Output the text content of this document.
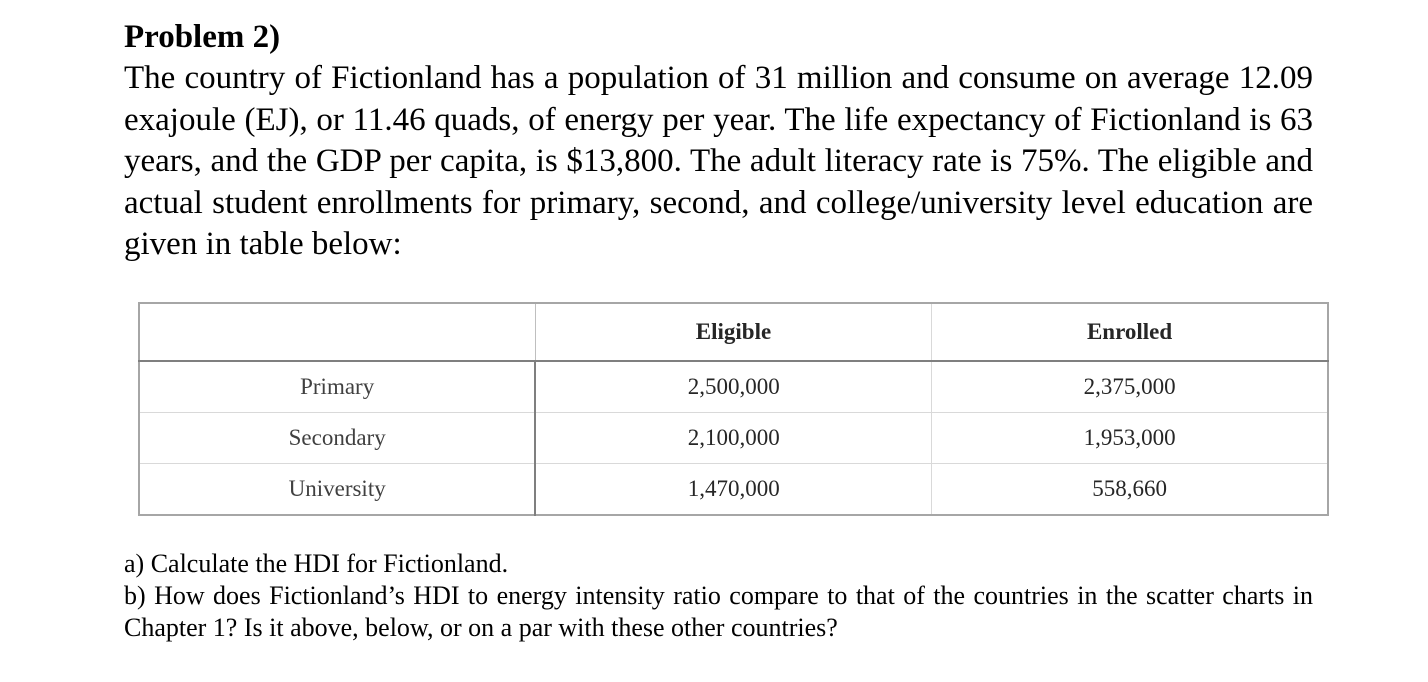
Problem 2)

The country of Fictionland has a population of 31 million and consume on average 12.09 exajoule (EJ), or 11.46 quads, of energy per year. The life expectancy of Fictionland is 63 years, and the GDP per capita, is $13,800. The adult literacy rate is 75%. The eligible and actual student enrollments for primary, second, and college/university level education are given in table below:

	Eligible	Enrolled
Primary	2,500,000	2,375,000
Secondary	2,100,000	1,953,000
University	1,470,000	558,660

a) Calculate the HDI for Fictionland.

b) How does Fictionland’s HDI to energy intensity ratio compare to that of the countries in the scatter charts in Chapter 1? Is it above, below, or on a par with these other countries?
